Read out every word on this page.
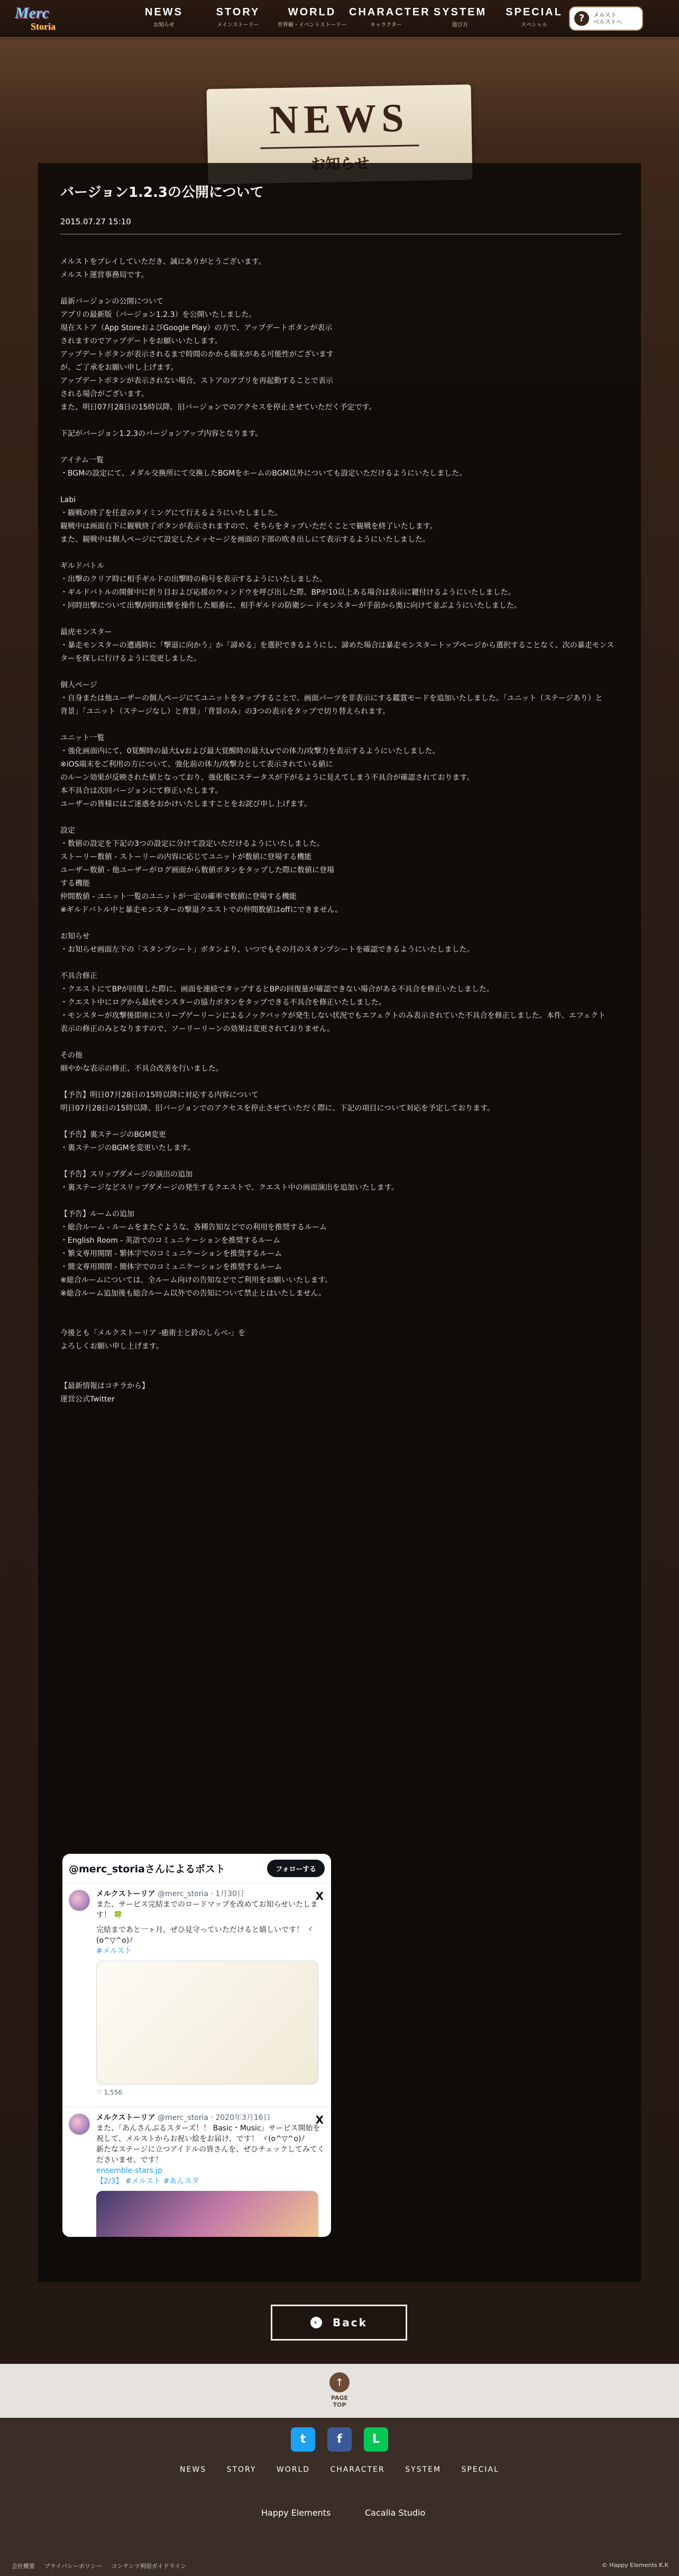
Merc
Storia
NEWS
お知らせ
STORY
メインストーリー
WORLD
世界観・イベントストーリー
CHARACTER
キャラクター
SYSTEM
遊び方
SPECIAL
スペシャル
?	メルスト
ベルストへ
NEWS
バージョン1.2.3の公開について
2015.07.27 15:10

メルストをプレイしていただき、誠にありがとうございます。

メルスト運営事務局です。

最新バージョンの公開について

アプリの最新版（バージョン1.2.3）を公開いたしました。

現在ストア（App StoreおよびGoogle Play）の方で、アップデートボタンが表示

されますのでアップデートをお願いいたします。

アップデートボタンが表示されるまで時間のかかる端末がある可能性がございます

が、ご了承をお願い申し上げます。

アップデートボタンが表示されない場合、ストアのアプリを再起動することで表示

される場合がございます。

また、明日07月28日の15時以降、旧バージョンでのアクセスを停止させていただく予定です。

下記がバージョン1.2.3のバージョンアップ内容となります。

アイテム一覧

・BGMの設定にて、メダル交換所にて交換したBGMをホームのBGM以外についても設定いただけるようにいたしました。

Labi

・観戦の終了を任意のタイミングにて行えるようにいたしました。

観戦中は画面右下に観戦終了ボタンが表示されますので、そちらをタップいただくことで観戦を終了いたします。

また、観戦中は個人ページにて設定したメッセージを画面の下部の吹き出しにて表示するようにいたしました。

ギルドバトル

・出撃のクリア時に相手ギルドの出撃時の称号を表示するようにいたしました。

・ギルドバトルの開催中に折り目および応援のウィンドウを呼び出した際、BPが10以上ある場合は表示に鍵付けるようにいたしました。

・同時出撃について出撃/同時出撃を操作した順番に、相手ギルドの防衛シードモンスターが手前から奥に向けて並ぶようにいたしました。

最虎モンスター

・暴走モンスターの遭遇時に「撃退に向かう」か「諦める」を選択できるようにし、諦めた場合は暴走モンスタートップページから選択することなく、次の暴走モンス

ターを探しに行けるように変更しました。

個人ページ

・自身または他ユーザーの個人ページにてユニットをタップすることで、画面パーツを非表示にする鑑賞モードを追加いたしました。「ユニット（ステージあり）と

背景」「ユニット（ステージなし）と背景」「背景のみ」の3つの表示をタップで切り替えられます。

ユニット一覧

・強化画面内にて、0覚醒時の最大Lvおよび最大覚醒時の最大Lvでの体力/攻撃力を表示するようにいたしました。

※iOS端末をご利用の方について、強化前の体力/攻撃力として表示されている値に

のルーン効果が反映された値となっており、強化後にステータスが下がるように見えてしまう不具合が確認されております。

本不具合は次回バージョンにて修正いたします。

ユーザーの皆様にはご迷惑をおかけいたしますことをお詫び申し上げます。

設定

・数値の設定を下記の3つの設定に分けて設定いただけるようにいたしました。

ストーリー数値 - ストーリーの内容に応じてユニットが数値に登場する機能

ユーザー数値 - 他ユーザーがログ画面から数値ボタンをタップした際に数値に登場

する機能

仲間数値 - ユニット一覧のユニットが一定の確率で数値に登場する機能

※ギルドバトル中と暴走モンスターの撃退クエストでの仲間数値はoffにできません。

お知らせ

・お知らせ画面左下の「スタンプシート」ボタンより、いつでもその月のスタンプシートを確認できるようにいたしました。

不具合修正

・クエストにてBPが回復した際に、画面を連続でタップするとBPの回復量が確認できない場合がある不具合を修正いたしました。

・クエスト中にログから最虎モンスターの協力ボタンをタップできる不具合を修正いたしました。

・モンスターが攻撃後即座にスリープゲーリーンによるノックバックが発生しない状況でもエフェクトのみ表示されていた不具合を修正しました。本件、エフェクト

表示の修正のみとなりますので、ソーリーリーンの効果は変更されておりません。

その他

細やかな表示の修正、不具合改善を行いました。

【予告】明日07月28日の15時以降に対応する内容について

明日07月28日の15時以降、旧バージョンでのアクセスを停止させていただく際に、下記の項目について対応を予定しております。

【予告】裏ステージのBGM変更

・裏ステージのBGMを変更いたします。

【予告】スリップダメージの演出の追加

・裏ステージなどスリップダメージの発生するクエストで、クエスト中の画面演出を追加いたします。

【予告】ルームの追加

・総合ルーム - ルームをまたぐような、各種告知などでの利用を推奨するルーム

・English Room - 英語でのコミュニケーションを推奨するルーム

・繁文専用開閉 - 繁体字でのコミュニケーションを推奨するルーム

・簡文専用開閉 - 簡体字でのコミュニケーションを推奨するルーム

※総合ルームについては、全ルーム向けの告知などでご利用をお願いいたします。

※総合ルーム追加後も総合ルーム以外での告知について禁止とはいたしません。

今後とも「メルクストーリア -癒術士と鈴のしらべ-」を

よろしくお願い申し上げます。

【最新情報はコチラから】

運営公式Twitter

@merc_storiaさんによるポスト	フォローする
X
メルクストーリア @merc_storia · 1月30日
また、サービス完結までのロードマップを改めてお知らせいたします！ 🍀
完結まであと一ヶ月、ぜひ見守っていただけると嬉しいです！ ヾ(o^▽^o)ﾉ
#メルスト
♡ 1,556
X
メルクストーリア @merc_storia · 2020年3月16日
また、「あんさんぶるスターズ！！ Basic・Music」サービス開始を祝して、メルストからお祝い絵をお届け、です！ ヾ(o^▽^o)ﾉ
新たなステージに立つアイドルの皆さんを、ぜひチェックしてみてくださいませ、です！
ensemble-stars.jp
【2/3】 #メルスト #あんスタ
‹	Back
↑
PAGE TOP
t	f	L
NEWS	STORY	WORLD	CHARACTER	SYSTEM	SPECIAL
Happy Elements	Cacalia Studio
会社概要 プライバシーポリシー コンテンツ利用ガイドライン	© Happy Elements K.K
